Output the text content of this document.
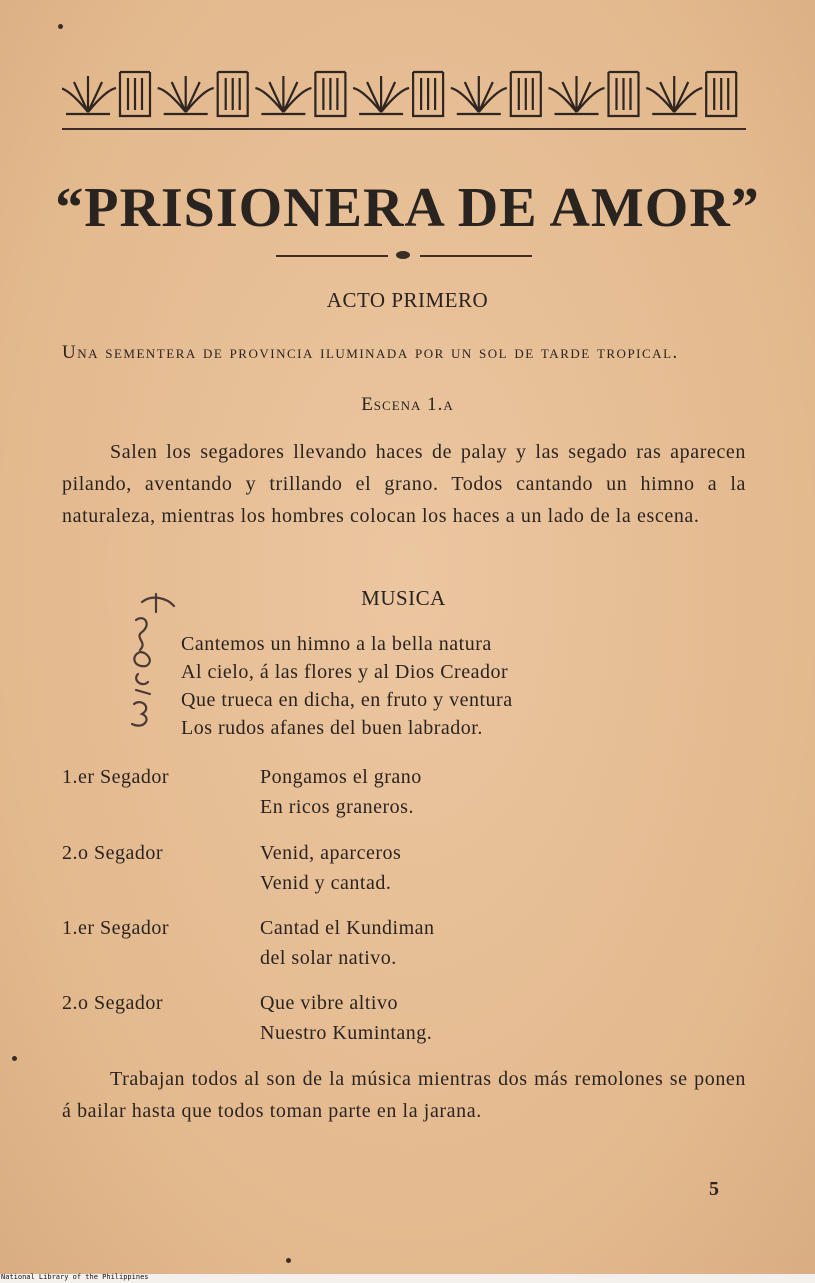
“PRISIONERA DE AMOR”
ACTO PRIMERO
Una sementera de provincia iluminada por un sol de tarde tropical.
Escena 1.a
Salen los segadores llevando haces de palay y las segado ras aparecen pilando, aventando y trillando el grano. Todos cantando un himno a la naturaleza, mientras los hombres colocan los haces a un lado de la escena.
MUSICA
Cantemos un himno a la bella natura
Al cielo, á las flores y al Dios Creador
Que trueca en dicha, en fruto y ventura
Los rudos afanes del buen labrador.
1.er Segador	Pongamos el grano
En ricos graneros.
2.o Segador	Venid, aparceros
Venid y cantad.
1.er Segador	Cantad el Kundiman
del solar nativo.
2.o Segador	Que vibre altivo
Nuestro Kumintang.
Trabajan todos al son de la música mientras dos más remolones se ponen á bailar hasta que todos toman parte en la jarana.
5
National Library of the Philippines
